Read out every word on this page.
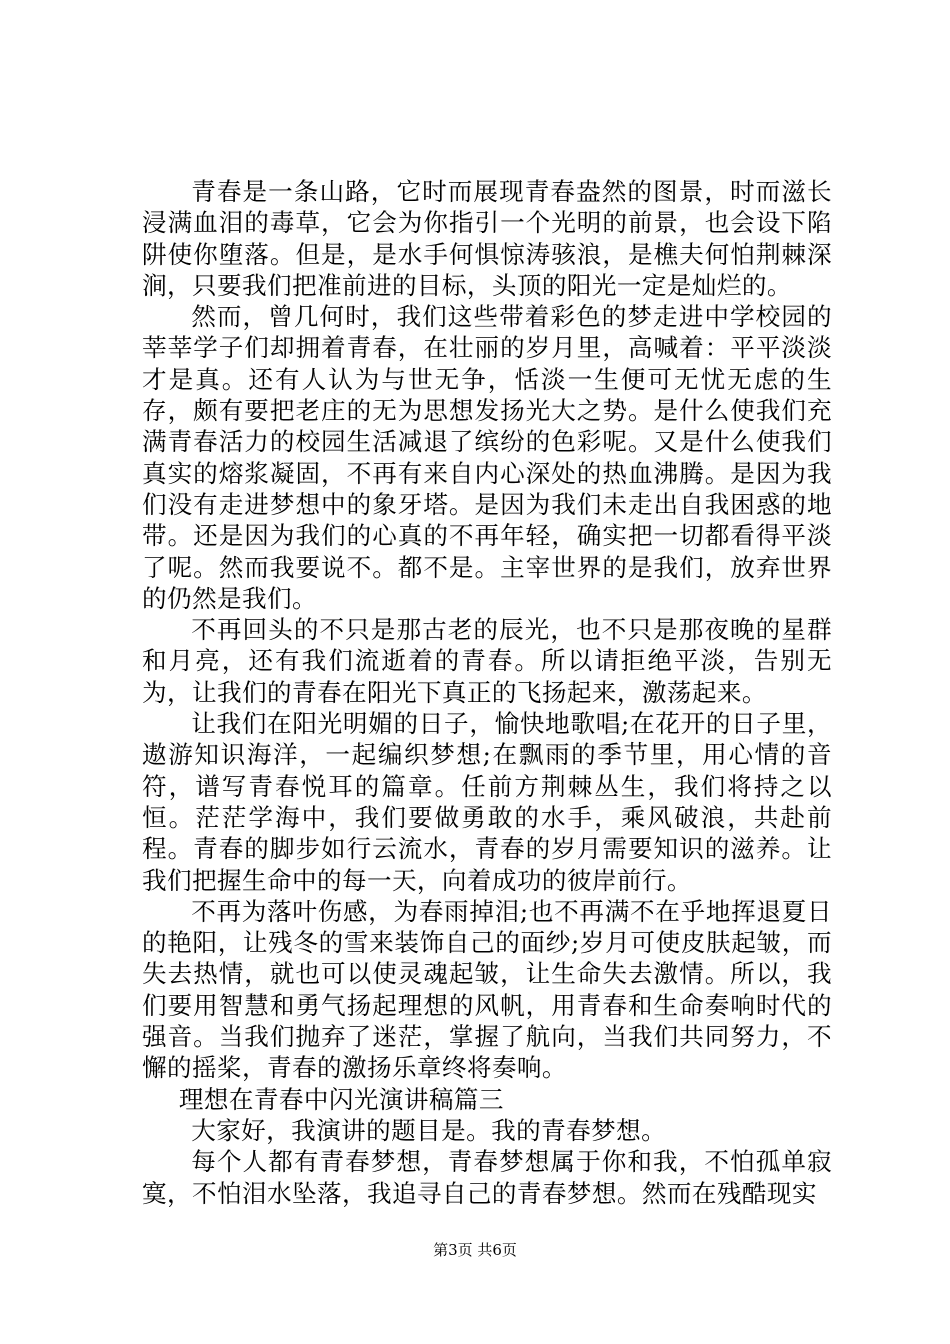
青春是一条山路，它时而展现青春盎然的图景，时而滋长浸满血泪的毒草，它会为你指引一个光明的前景，也会设下陷阱使你堕落。但是，是水手何惧惊涛骇浪，是樵夫何怕荆棘深涧，只要我们把准前进的目标，头顶的阳光一定是灿烂的。

然而，曾几何时，我们这些带着彩色的梦走进中学校园的莘莘学子们却拥着青春，在壮丽的岁月里，高喊着：平平淡淡才是真。还有人认为与世无争，恬淡一生便可无忧无虑的生存，颇有要把老庄的无为思想发扬光大之势。是什么使我们充满青春活力的校园生活减退了缤纷的色彩呢。又是什么使我们真实的熔浆凝固，不再有来自内心深处的热血沸腾。是因为我们没有走进梦想中的象牙塔。是因为我们未走出自我困惑的地带。还是因为我们的心真的不再年轻，确实把一切都看得平淡了呢。然而我要说不。都不是。主宰世界的是我们，放弃世界的仍然是我们。

不再回头的不只是那古老的辰光，也不只是那夜晚的星群和月亮，还有我们流逝着的青春。所以请拒绝平淡，告别无为，让我们的青春在阳光下真正的飞扬起来，激荡起来。

让我们在阳光明媚的日子，愉快地歌唱;在花开的日子里，遨游知识海洋，一起编织梦想;在飘雨的季节里，用心情的音符，谱写青春悦耳的篇章。任前方荆棘丛生，我们将持之以恒。茫茫学海中，我们要做勇敢的水手，乘风破浪，共赴前程。青春的脚步如行云流水，青春的岁月需要知识的滋养。让我们把握生命中的每一天，向着成功的彼岸前行。

不再为落叶伤感，为春雨掉泪;也不再满不在乎地挥退夏日的艳阳，让残冬的雪来装饰自己的面纱;岁月可使皮肤起皱，而失去热情，就也可以使灵魂起皱，让生命失去激情。所以，我们要用智慧和勇气扬起理想的风帆，用青春和生命奏响时代的强音。当我们抛弃了迷茫，掌握了航向，当我们共同努力，不懈的摇桨，青春的激扬乐章终将奏响。

理想在青春中闪光演讲稿篇三

大家好，我演讲的题目是。我的青春梦想。

每个人都有青春梦想，青春梦想属于你和我，不怕孤单寂寞，不怕泪水坠落，我追寻自己的青春梦想。然而在残酷现实

第3页 共6页
